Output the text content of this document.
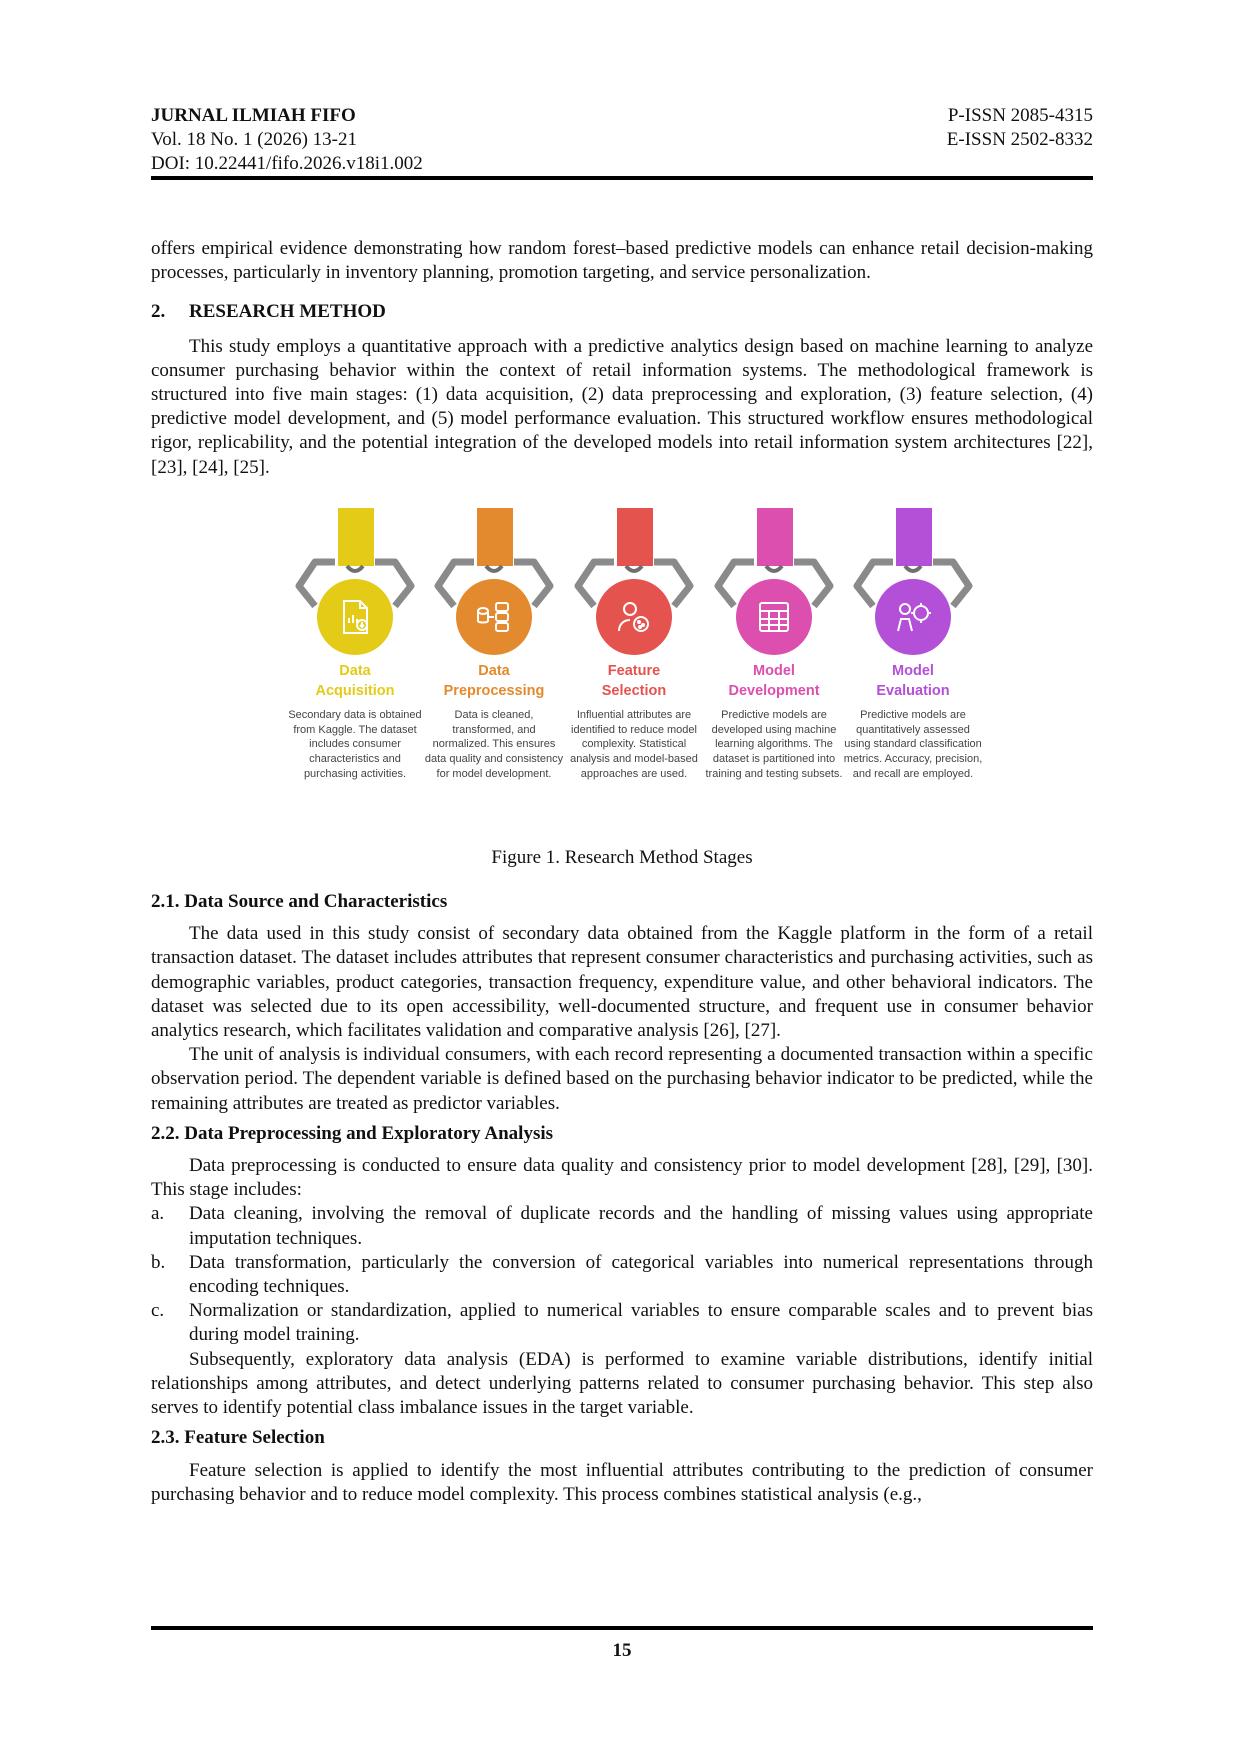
JURNAL ILMIAH FIFO
Vol. 18 No. 1 (2026) 13-21
DOI: 10.22441/fifo.2026.v18i1.002
P-ISSN 2085-4315
E-ISSN 2502-8332

offers empirical evidence demonstrating how random forest–based predictive models can enhance retail decision-making processes, particularly in inventory planning, promotion targeting, and service personalization.

2.	RESEARCH METHOD

This study employs a quantitative approach with a predictive analytics design based on machine learning to analyze consumer purchasing behavior within the context of retail information systems. The methodological framework is structured into five main stages: (1) data acquisition, (2) data preprocessing and exploration, (3) feature selection, (4) predictive model development, and (5) model performance evaluation. This structured workflow ensures methodological rigor, replicability, and the potential integration of the developed models into retail information system architectures [22], [23], [24], [25].

Data
Acquisition
Secondary data is obtained from Kaggle. The dataset includes consumer characteristics and purchasing activities.
Data
Preprocessing
Data is cleaned, transformed, and normalized. This ensures data quality and consistency for model development.
Feature
Selection
Influential attributes are identified to reduce model complexity. Statistical analysis and model-based approaches are used.
Model
Development
Predictive models are developed using machine learning algorithms. The dataset is partitioned into training and testing subsets.
Model
Evaluation
Predictive models are quantitatively assessed using standard classification metrics. Accuracy, precision, and recall are employed.
Figure 1. Research Method Stages
2.1. Data Source and Characteristics

The data used in this study consist of secondary data obtained from the Kaggle platform in the form of a retail transaction dataset. The dataset includes attributes that represent consumer characteristics and purchasing activities, such as demographic variables, product categories, transaction frequency, expenditure value, and other behavioral indicators. The dataset was selected due to its open accessibility, well-documented structure, and frequent use in consumer behavior analytics research, which facilitates validation and comparative analysis [26], [27].

The unit of analysis is individual consumers, with each record representing a documented transaction within a specific observation period. The dependent variable is defined based on the purchasing behavior indicator to be predicted, while the remaining attributes are treated as predictor variables.

2.2. Data Preprocessing and Exploratory Analysis

Data preprocessing is conducted to ensure data quality and consistency prior to model development [28], [29], [30]. This stage includes:

a.	Data cleaning, involving the removal of duplicate records and the handling of missing values using appropriate imputation techniques.
b.	Data transformation, particularly the conversion of categorical variables into numerical representations through encoding techniques.
c.	Normalization or standardization, applied to numerical variables to ensure comparable scales and to prevent bias during model training.

Subsequently, exploratory data analysis (EDA) is performed to examine variable distributions, identify initial relationships among attributes, and detect underlying patterns related to consumer purchasing behavior. This step also serves to identify potential class imbalance issues in the target variable.

2.3. Feature Selection

Feature selection is applied to identify the most influential attributes contributing to the prediction of consumer purchasing behavior and to reduce model complexity. This process combines statistical analysis (e.g.,

15
